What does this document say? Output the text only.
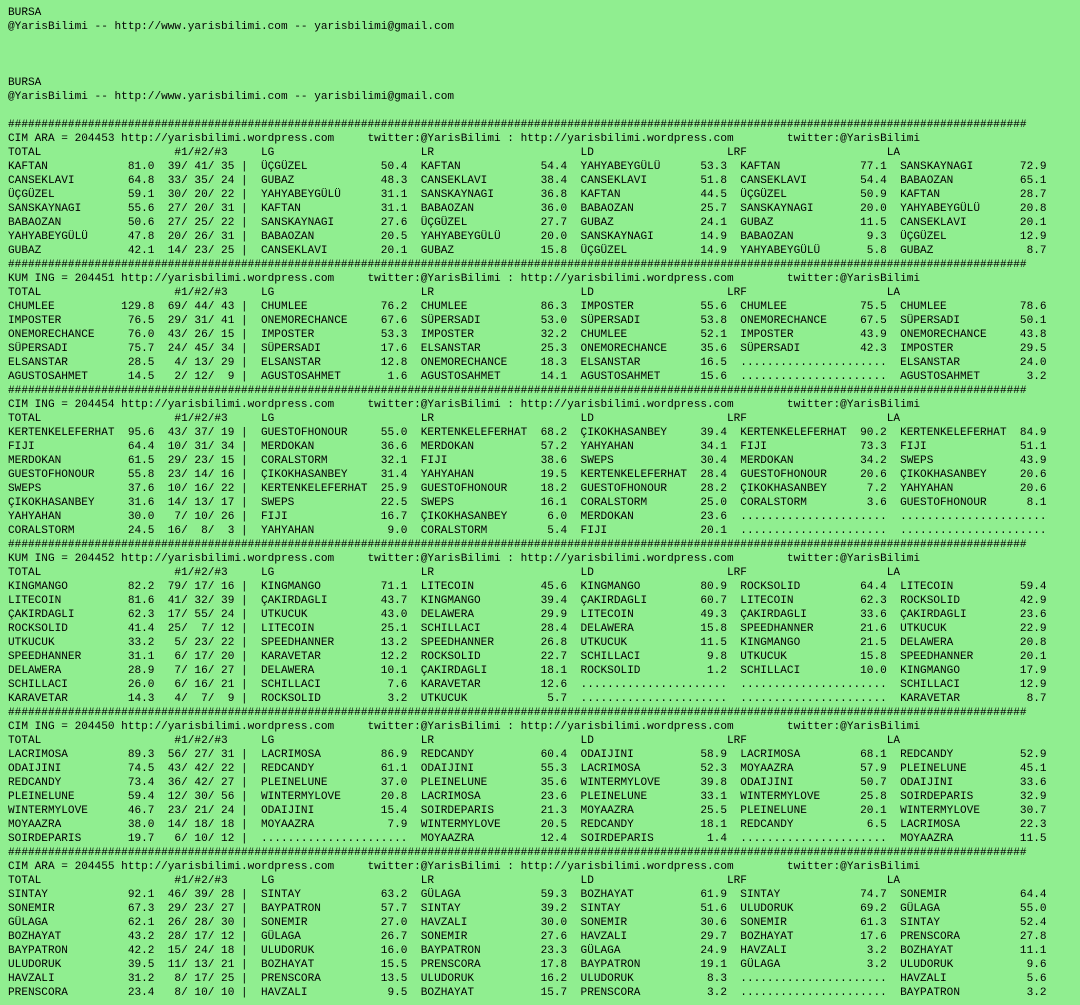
BURSA
@YarisBilimi -- http://www.yarisbilimi.com -- yarisbilimi@gmail.com

BURSA
@YarisBilimi -- http://www.yarisbilimi.com -- yarisbilimi@gmail.com

#########################################################################################################################################################
CIM ARA = 204453 http://yarisbilimi.wordpress.com     twitter:@YarisBilimi : http://yarisbilimi.wordpress.com        twitter:@YarisBilimi
TOTAL                    #1/#2/#3     LG                      LR                      LD                    LRF                     LA
KAFTAN            81.0  39/ 41/ 35 |  ÜÇGÜZEL           50.4  KAFTAN            54.4  YAHYABEYGÜLÜ      53.3  KAFTAN            77.1  SANSKAYNAGI       72.9
CANSEKLAVI        64.8  33/ 35/ 24 |  GUBAZ             48.3  CANSEKLAVI        38.4  CANSEKLAVI        51.8  CANSEKLAVI        54.4  BABAOZAN          65.1
ÜÇGÜZEL           59.1  30/ 20/ 22 |  YAHYABEYGÜLÜ      31.1  SANSKAYNAGI       36.8  KAFTAN            44.5  ÜÇGÜZEL           50.9  KAFTAN            28.7
SANSKAYNAGI       55.6  27/ 20/ 31 |  KAFTAN            31.1  BABAOZAN          36.0  BABAOZAN          25.7  SANSKAYNAGI       20.0  YAHYABEYGÜLÜ      20.8
BABAOZAN          50.6  27/ 25/ 22 |  SANSKAYNAGI       27.6  ÜÇGÜZEL           27.7  GUBAZ             24.1  GUBAZ             11.5  CANSEKLAVI        20.1
YAHYABEYGÜLÜ      47.8  20/ 26/ 31 |  BABAOZAN          20.5  YAHYABEYGÜLÜ      20.0  SANSKAYNAGI       14.9  BABAOZAN           9.3  ÜÇGÜZEL           12.9
GUBAZ             42.1  14/ 23/ 25 |  CANSEKLAVI        20.1  GUBAZ             15.8  ÜÇGÜZEL           14.9  YAHYABEYGÜLÜ       5.8  GUBAZ              8.7
#########################################################################################################################################################
KUM ING = 204451 http://yarisbilimi.wordpress.com     twitter:@YarisBilimi : http://yarisbilimi.wordpress.com        twitter:@YarisBilimi
TOTAL                    #1/#2/#3     LG                      LR                      LD                    LRF                     LA
CHUMLEE          129.8  69/ 44/ 43 |  CHUMLEE           76.2  CHUMLEE           86.3  IMPOSTER          55.6  CHUMLEE           75.5  CHUMLEE           78.6
IMPOSTER          76.5  29/ 31/ 41 |  ONEMORECHANCE     67.6  SÜPERSADI         53.0  SÜPERSADI         53.8  ONEMORECHANCE     67.5  SÜPERSADI         50.1
ONEMORECHANCE     76.0  43/ 26/ 15 |  IMPOSTER          53.3  IMPOSTER          32.2  CHUMLEE           52.1  IMPOSTER          43.9  ONEMORECHANCE     43.8
SÜPERSADI         75.7  24/ 45/ 34 |  SÜPERSADI         17.6  ELSANSTAR         25.3  ONEMORECHANCE     35.6  SÜPERSADI         42.3  IMPOSTER          29.5
ELSANSTAR         28.5   4/ 13/ 29 |  ELSANSTAR         12.8  ONEMORECHANCE     18.3  ELSANSTAR         16.5  ......................  ELSANSTAR         24.0
AGUSTOSAHMET      14.5   2/ 12/  9 |  AGUSTOSAHMET       1.6  AGUSTOSAHMET      14.1  AGUSTOSAHMET      15.6  ......................  AGUSTOSAHMET       3.2
#########################################################################################################################################################
CIM ING = 204454 http://yarisbilimi.wordpress.com     twitter:@YarisBilimi : http://yarisbilimi.wordpress.com        twitter:@YarisBilimi
TOTAL                    #1/#2/#3     LG                      LR                      LD                    LRF                     LA
KERTENKELEFERHAT  95.6  43/ 37/ 19 |  GUESTOFHONOUR     55.0  KERTENKELEFERHAT  68.2  ÇIKOKHASANBEY     39.4  KERTENKELEFERHAT  90.2  KERTENKELEFERHAT  84.9
FIJI              64.4  10/ 31/ 34 |  MERDOKAN          36.6  MERDOKAN          57.2  YAHYAHAN          34.1  FIJI              73.3  FIJI              51.1
MERDOKAN          61.5  29/ 23/ 15 |  CORALSTORM        32.1  FIJI              38.6  SWEPS             30.4  MERDOKAN          34.2  SWEPS             43.9
GUESTOFHONOUR     55.8  23/ 14/ 16 |  ÇIKOKHASANBEY     31.4  YAHYAHAN          19.5  KERTENKELEFERHAT  28.4  GUESTOFHONOUR     20.6  ÇIKOKHASANBEY     20.6
SWEPS             37.6  10/ 16/ 22 |  KERTENKELEFERHAT  25.9  GUESTOFHONOUR     18.2  GUESTOFHONOUR     28.2  ÇIKOKHASANBEY      7.2  YAHYAHAN          20.6
ÇIKOKHASANBEY     31.6  14/ 13/ 17 |  SWEPS             22.5  SWEPS             16.1  CORALSTORM        25.0  CORALSTORM         3.6  GUESTOFHONOUR      8.1
YAHYAHAN          30.0   7/ 10/ 26 |  FIJI              16.7  ÇIKOKHASANBEY      6.0  MERDOKAN          23.6  ......................  ......................
CORALSTORM        24.5  16/  8/  3 |  YAHYAHAN           9.0  CORALSTORM         5.4  FIJI              20.1  ......................  ......................
#########################################################################################################################################################
KUM ING = 204452 http://yarisbilimi.wordpress.com     twitter:@YarisBilimi : http://yarisbilimi.wordpress.com        twitter:@YarisBilimi
TOTAL                    #1/#2/#3     LG                      LR                      LD                    LRF                     LA
KINGMANGO         82.2  79/ 17/ 16 |  KINGMANGO         71.1  LITECOIN          45.6  KINGMANGO         80.9  ROCKSOLID         64.4  LITECOIN          59.4
LITECOIN          81.6  41/ 32/ 39 |  ÇAKIRDAGLI        43.7  KINGMANGO         39.4  ÇAKIRDAGLI        60.7  LITECOIN          62.3  ROCKSOLID         42.9
ÇAKIRDAGLI        62.3  17/ 55/ 24 |  UTKUCUK           43.0  DELAWERA          29.9  LITECOIN          49.3  ÇAKIRDAGLI        33.6  ÇAKIRDAGLI        23.6
ROCKSOLID         41.4  25/  7/ 12 |  LITECOIN          25.1  SCHILLACI         28.4  DELAWERA          15.8  SPEEDHANNER       21.6  UTKUCUK           22.9
UTKUCUK           33.2   5/ 23/ 22 |  SPEEDHANNER       13.2  SPEEDHANNER       26.8  UTKUCUK           11.5  KINGMANGO         21.5  DELAWERA          20.8
SPEEDHANNER       31.1   6/ 17/ 20 |  KARAVETAR         12.2  ROCKSOLID         22.7  SCHILLACI          9.8  UTKUCUK           15.8  SPEEDHANNER       20.1
DELAWERA          28.9   7/ 16/ 27 |  DELAWERA          10.1  ÇAKIRDAGLI        18.1  ROCKSOLID          1.2  SCHILLACI         10.0  KINGMANGO         17.9
SCHILLACI         26.0   6/ 16/ 21 |  SCHILLACI          7.6  KARAVETAR         12.6  ......................  ......................  SCHILLACI         12.9
KARAVETAR         14.3   4/  7/  9 |  ROCKSOLID          3.2  UTKUCUK            5.7  ......................  ......................  KARAVETAR          8.7
#########################################################################################################################################################
CIM ING = 204450 http://yarisbilimi.wordpress.com     twitter:@YarisBilimi : http://yarisbilimi.wordpress.com        twitter:@YarisBilimi
TOTAL                    #1/#2/#3     LG                      LR                      LD                    LRF                     LA
LACRIMOSA         89.3  56/ 27/ 31 |  LACRIMOSA         86.9  REDCANDY          60.4  ODAIJINI          58.9  LACRIMOSA         68.1  REDCANDY          52.9
ODAIJINI          74.5  43/ 42/ 22 |  REDCANDY          61.1  ODAIJINI          55.3  LACRIMOSA         52.3  MOYAAZRA          57.9  PLEINELUNE        45.1
REDCANDY          73.4  36/ 42/ 27 |  PLEINELUNE        37.0  PLEINELUNE        35.6  WINTERMYLOVE      39.8  ODAIJINI          50.7  ODAIJINI          33.6
PLEINELUNE        59.4  12/ 30/ 56 |  WINTERMYLOVE      20.8  LACRIMOSA         23.6  PLEINELUNE        33.1  WINTERMYLOVE      25.8  SOIRDEPARIS       32.9
WINTERMYLOVE      46.7  23/ 21/ 24 |  ODAIJINI          15.4  SOIRDEPARIS       21.3  MOYAAZRA          25.5  PLEINELUNE        20.1  WINTERMYLOVE      30.7
MOYAAZRA          38.0  14/ 18/ 18 |  MOYAAZRA           7.9  WINTERMYLOVE      20.5  REDCANDY          18.1  REDCANDY           6.5  LACRIMOSA         22.3
SOIRDEPARIS       19.7   6/ 10/ 12 |  ......................  MOYAAZRA          12.4  SOIRDEPARIS        1.4  ......................  MOYAAZRA          11.5
#########################################################################################################################################################
CIM ARA = 204455 http://yarisbilimi.wordpress.com     twitter:@YarisBilimi : http://yarisbilimi.wordpress.com        twitter:@YarisBilimi
TOTAL                    #1/#2/#3     LG                      LR                      LD                    LRF                     LA
SINTAY            92.1  46/ 39/ 28 |  SINTAY            63.2  GÜLAGA            59.3  BOZHAYAT          61.9  SINTAY            74.7  SONEMIR           64.4
SONEMIR           67.3  29/ 23/ 27 |  BAYPATRON         57.7  SINTAY            39.2  SINTAY            51.6  ULUDORUK          69.2  GÜLAGA            55.0
GÜLAGA            62.1  26/ 28/ 30 |  SONEMIR           27.0  HAVZALI           30.0  SONEMIR           30.6  SONEMIR           61.3  SINTAY            52.4
BOZHAYAT          43.2  28/ 17/ 12 |  GÜLAGA            26.7  SONEMIR           27.6  HAVZALI           29.7  BOZHAYAT          17.6  PRENSCORA         27.8
BAYPATRON         42.2  15/ 24/ 18 |  ULUDORUK          16.0  BAYPATRON         23.3  GÜLAGA            24.9  HAVZALI            3.2  BOZHAYAT          11.1
ULUDORUK          39.5  11/ 13/ 21 |  BOZHAYAT          15.5  PRENSCORA         17.8  BAYPATRON         19.1  GÜLAGA             3.2  ULUDORUK           9.6
HAVZALI           31.2   8/ 17/ 25 |  PRENSCORA         13.5  ULUDORUK          16.2  ULUDORUK           8.3  ......................  HAVZALI            5.6
PRENSCORA         23.4   8/ 10/ 10 |  HAVZALI            9.5  BOZHAYAT          15.7  PRENSCORA          3.2  ......................  BAYPATRON          3.2
